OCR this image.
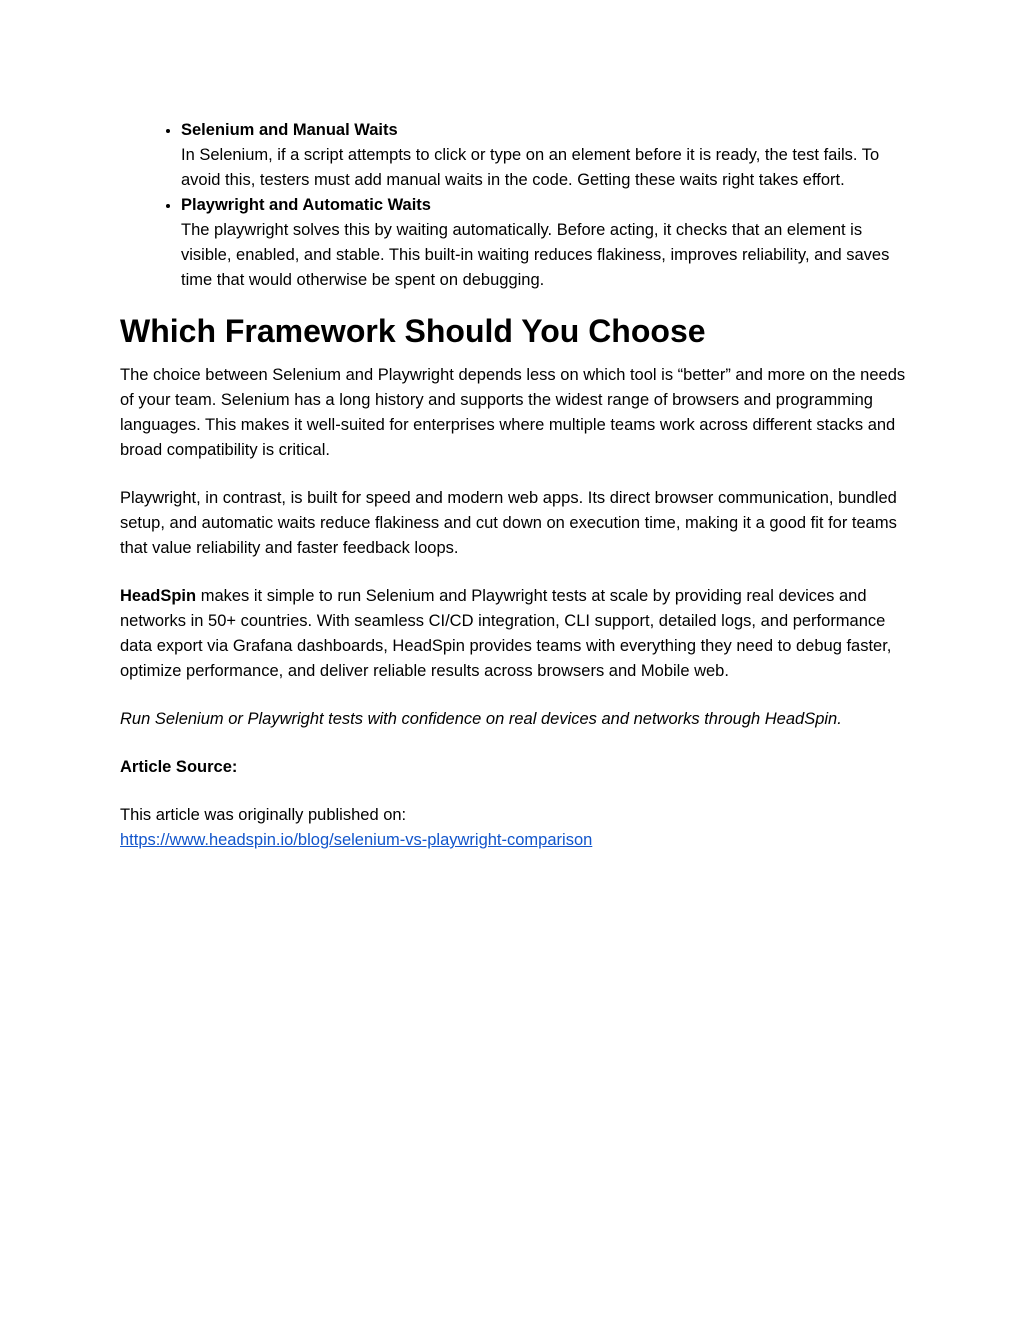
• Selenium and Manual Waits
In Selenium, if a script attempts to click or type on an element before it is ready, the test fails. To avoid this, testers must add manual waits in the code. Getting these waits right takes effort.
• Playwright and Automatic Waits
The playwright solves this by waiting automatically. Before acting, it checks that an element is visible, enabled, and stable. This built-in waiting reduces flakiness, improves reliability, and saves time that would otherwise be spent on debugging.
Which Framework Should You Choose

The choice between Selenium and Playwright depends less on which tool is “better” and more on the needs of your team. Selenium has a long history and supports the widest range of browsers and programming languages. This makes it well-suited for enterprises where multiple teams work across different stacks and broad compatibility is critical.

Playwright, in contrast, is built for speed and modern web apps. Its direct browser communication, bundled setup, and automatic waits reduce flakiness and cut down on execution time, making it a good fit for teams that value reliability and faster feedback loops.

HeadSpin makes it simple to run Selenium and Playwright tests at scale by providing real devices and networks in 50+ countries. With seamless CI/CD integration, CLI support, detailed logs, and performance data export via Grafana dashboards, HeadSpin provides teams with everything they need to debug faster, optimize performance, and deliver reliable results across browsers and Mobile web.

Run Selenium or Playwright tests with confidence on real devices and networks through HeadSpin.

Article Source:

This article was originally published on:
https://www.headspin.io/blog/selenium-vs-playwright-comparison
